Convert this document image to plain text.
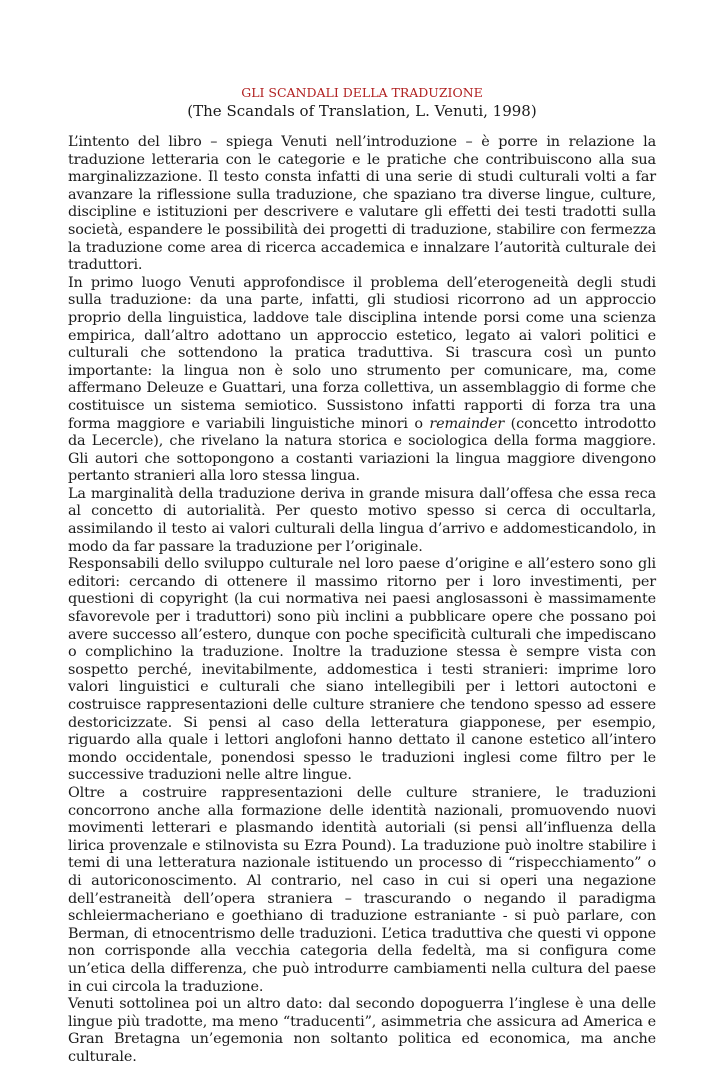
GLI SCANDALI DELLA TRADUZIONE
(The Scandals of Translation, L. Venuti, 1998)

L’intento del libro – spiega Venuti nell’introduzione – è porre in relazione la traduzione letteraria con le categorie e le pratiche che contribuiscono alla sua marginalizzazione. Il testo consta infatti di una serie di studi culturali volti a far avanzare la riflessione sulla traduzione, che spaziano tra diverse lingue, culture, discipline e istituzioni per descrivere e valutare gli effetti dei testi tradotti sulla società, espandere le possibilità dei progetti di traduzione, stabilire con fermezza la traduzione come area di ricerca accademica e innalzare l’autorità culturale dei traduttori.

In primo luogo Venuti approfondisce il problema dell’eterogeneità degli studi sulla traduzione: da una parte, infatti, gli studiosi ricorrono ad un approccio proprio della linguistica, laddove tale disciplina intende porsi come una scienza empirica, dall’altro adottano un approccio estetico, legato ai valori politici e culturali che sottendono la pratica traduttiva. Si trascura così un punto importante: la lingua non è solo uno strumento per comunicare, ma, come affermano Deleuze e Guattari, una forza collettiva, un assemblaggio di forme che costituisce un sistema semiotico. Sussistono infatti rapporti di forza tra una forma maggiore e variabili linguistiche minori o remainder (concetto introdotto da Lecercle), che rivelano la natura storica e sociologica della forma maggiore. Gli autori che sottopongono a costanti variazioni la lingua maggiore divengono pertanto stranieri alla loro stessa lingua.

La marginalità della traduzione deriva in grande misura dall’offesa che essa reca al concetto di autorialità. Per questo motivo spesso si cerca di occultarla, assimilando il testo ai valori culturali della lingua d’arrivo e addomesticandolo, in modo da far passare la traduzione per l’originale.

Responsabili dello sviluppo culturale nel loro paese d’origine e all’estero sono gli editori: cercando di ottenere il massimo ritorno per i loro investimenti, per questioni di copyright (la cui normativa nei paesi anglosassoni è massimamente sfavorevole per i traduttori) sono più inclini a pubblicare opere che possano poi avere successo all’estero, dunque con poche specificità culturali che impediscano o complichino la traduzione. Inoltre la traduzione stessa è sempre vista con sospetto perché, inevitabilmente, addomestica i testi stranieri: imprime loro valori linguistici e culturali che siano intellegibili per i lettori autoctoni e costruisce rappresentazioni delle culture straniere che tendono spesso ad essere destoricizzate. Si pensi al caso della letteratura giapponese, per esempio, riguardo alla quale i lettori anglofoni hanno dettato il canone estetico all’intero mondo occidentale, ponendosi spesso le traduzioni inglesi come filtro per le successive traduzioni nelle altre lingue.

Oltre a costruire rappresentazioni delle culture straniere, le traduzioni concorrono anche alla formazione delle identità nazionali, promuovendo nuovi movimenti letterari e plasmando identità autoriali (si pensi all’influenza della lirica provenzale e stilnovista su Ezra Pound). La traduzione può inoltre stabilire i temi di una letteratura nazionale istituendo un processo di “rispecchiamento” o di autoriconoscimento. Al contrario, nel caso in cui si operi una negazione dell’estraneità dell’opera straniera – trascurando o negando il paradigma schleiermacheriano e goethiano di traduzione estraniante - si può parlare, con Berman, di etnocentrismo delle traduzioni. L’etica traduttiva che questi vi oppone non corrisponde alla vecchia categoria della fedeltà, ma si configura come un’etica della differenza, che può introdurre cambiamenti nella cultura del paese in cui circola la traduzione.

Venuti sottolinea poi un altro dato: dal secondo dopoguerra l’inglese è una delle lingue più tradotte, ma meno “traducenti”, asimmetria che assicura ad America e Gran Bretagna un’egemonia non soltanto politica ed economica, ma anche culturale.
